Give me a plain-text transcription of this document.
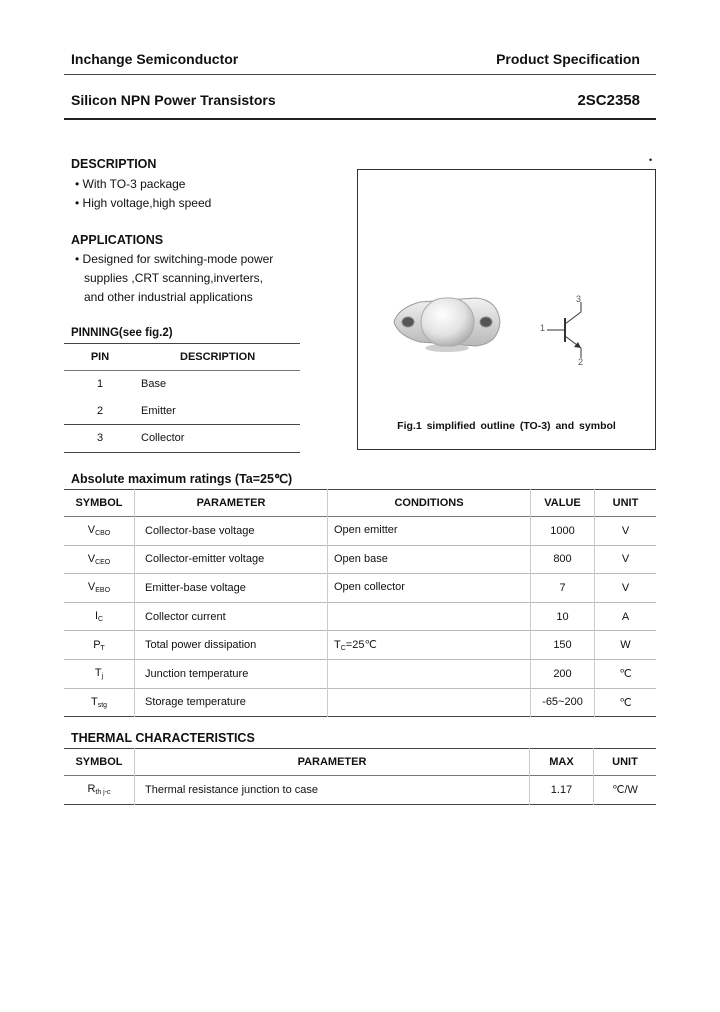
Inchange Semiconductor	Product Specification
Silicon NPN Power Transistors	2SC2358
DESCRIPTION
• With TO-3 package
• High voltage,high speed
APPLICATIONS
• Designed for switching-mode power
supplies ,CRT scanning,inverters,
and other industrial applications
PINNING(see fig.2)
PIN	DESCRIPTION
1	Base
2	Emitter
3	Collector
•
1
2
3
Fig.1 simplified outline (TO-3) and symbol
Absolute maximum ratings (Ta=25℃)
SYMBOL	PARAMETER	CONDITIONS	VALUE	UNIT
$V_{CBO}$	Collector-base voltage	Open emitter	1000	V
$V_{CEO}$	Collector-emitter voltage	Open base	800	V
$V_{EBO}$	Emitter-base voltage	Open collector	7	V
$I_C$	Collector current		10	A
$P_T$	Total power dissipation	$T_C=25℃$	150	W
$T_j$	Junction temperature		200	℃
$T_{stg}$	Storage temperature		-65~200	℃
THERMAL CHARACTERISTICS
SYMBOL	PARAMETER	MAX	UNIT
$R_{th j-c}$	Thermal resistance junction to case	1.17	℃/W
